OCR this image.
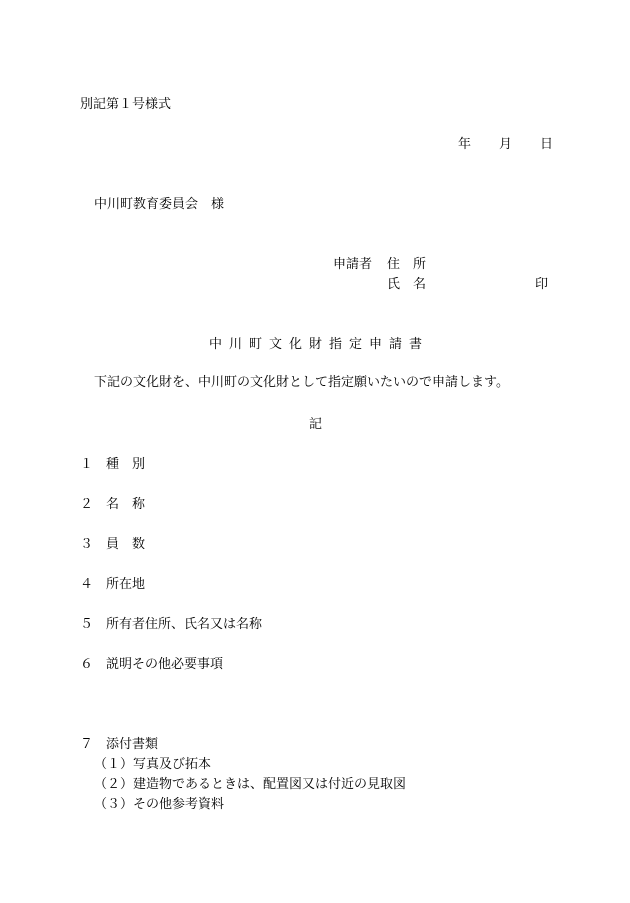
別記第１号様式
年 月 日
中川町教育委員会　様
申請者 住　所
氏　名	印
中川町文化財指定申請書
下記の文化財を、中川町の文化財として指定願いたいので申請します。
記
１ 種　別
２ 名　称
３ 員　数
４ 所在地
５ 所有者住所、氏名又は名称
６ 説明その他必要事項
７ 添付書類
（１）写真及び拓本
（２）建造物であるときは、配置図又は付近の見取図
（３）その他参考資料
